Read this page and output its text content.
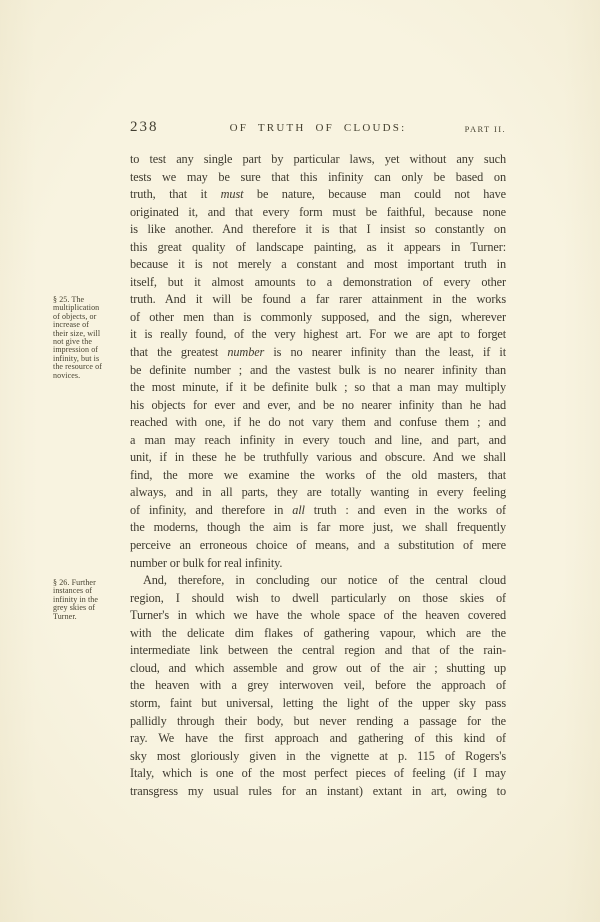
238	OF TRUTH OF CLOUDS:	PART II.
§ 25. The
multiplication
of objects, or
increase of
their size, will
not give the
impression of
infinity, but is
the resource of
novices.
§ 26. Further
instances of
infinity in the
grey skies of
Turner.
to test any single part by particular laws, yet without any such
tests we may be sure that this infinity can only be based on
truth, that it must be nature, because man could not have
originated it, and that every form must be faithful, because none
is like another. And therefore it is that I insist so constantly on
this great quality of landscape painting, as it appears in Turner:
because it is not merely a constant and most important truth in
itself, but it almost amounts to a demonstration of every other
truth. And it will be found a far rarer attainment in the works
of other men than is commonly supposed, and the sign, wherever
it is really found, of the very highest art. For we are apt to forget
that the greatest number is no nearer infinity than the least, if it
be definite number ; and the vastest bulk is no nearer infinity than
the most minute, if it be definite bulk ; so that a man may multiply
his objects for ever and ever, and be no nearer infinity than he had
reached with one, if he do not vary them and confuse them ; and
a man may reach infinity in every touch and line, and part, and
unit, if in these he be truthfully various and obscure. And we shall
find, the more we examine the works of the old masters, that
always, and in all parts, they are totally wanting in every feeling
of infinity, and therefore in all truth : and even in the works of
the moderns, though the aim is far more just, we shall frequently
perceive an erroneous choice of means, and a substitution of mere
number or bulk for real infinity.
And, therefore, in concluding our notice of the central cloud
region, I should wish to dwell particularly on those skies of
Turner's in which we have the whole space of the heaven covered
with the delicate dim flakes of gathering vapour, which are the
intermediate link between the central region and that of the rain-
cloud, and which assemble and grow out of the air ; shutting up
the heaven with a grey interwoven veil, before the approach of
storm, faint but universal, letting the light of the upper sky pass
pallidly through their body, but never rending a passage for the
ray. We have the first approach and gathering of this kind of
sky most gloriously given in the vignette at p. 115 of Rogers's
Italy, which is one of the most perfect pieces of feeling (if I may
transgress my usual rules for an instant) extant in art, owing to
